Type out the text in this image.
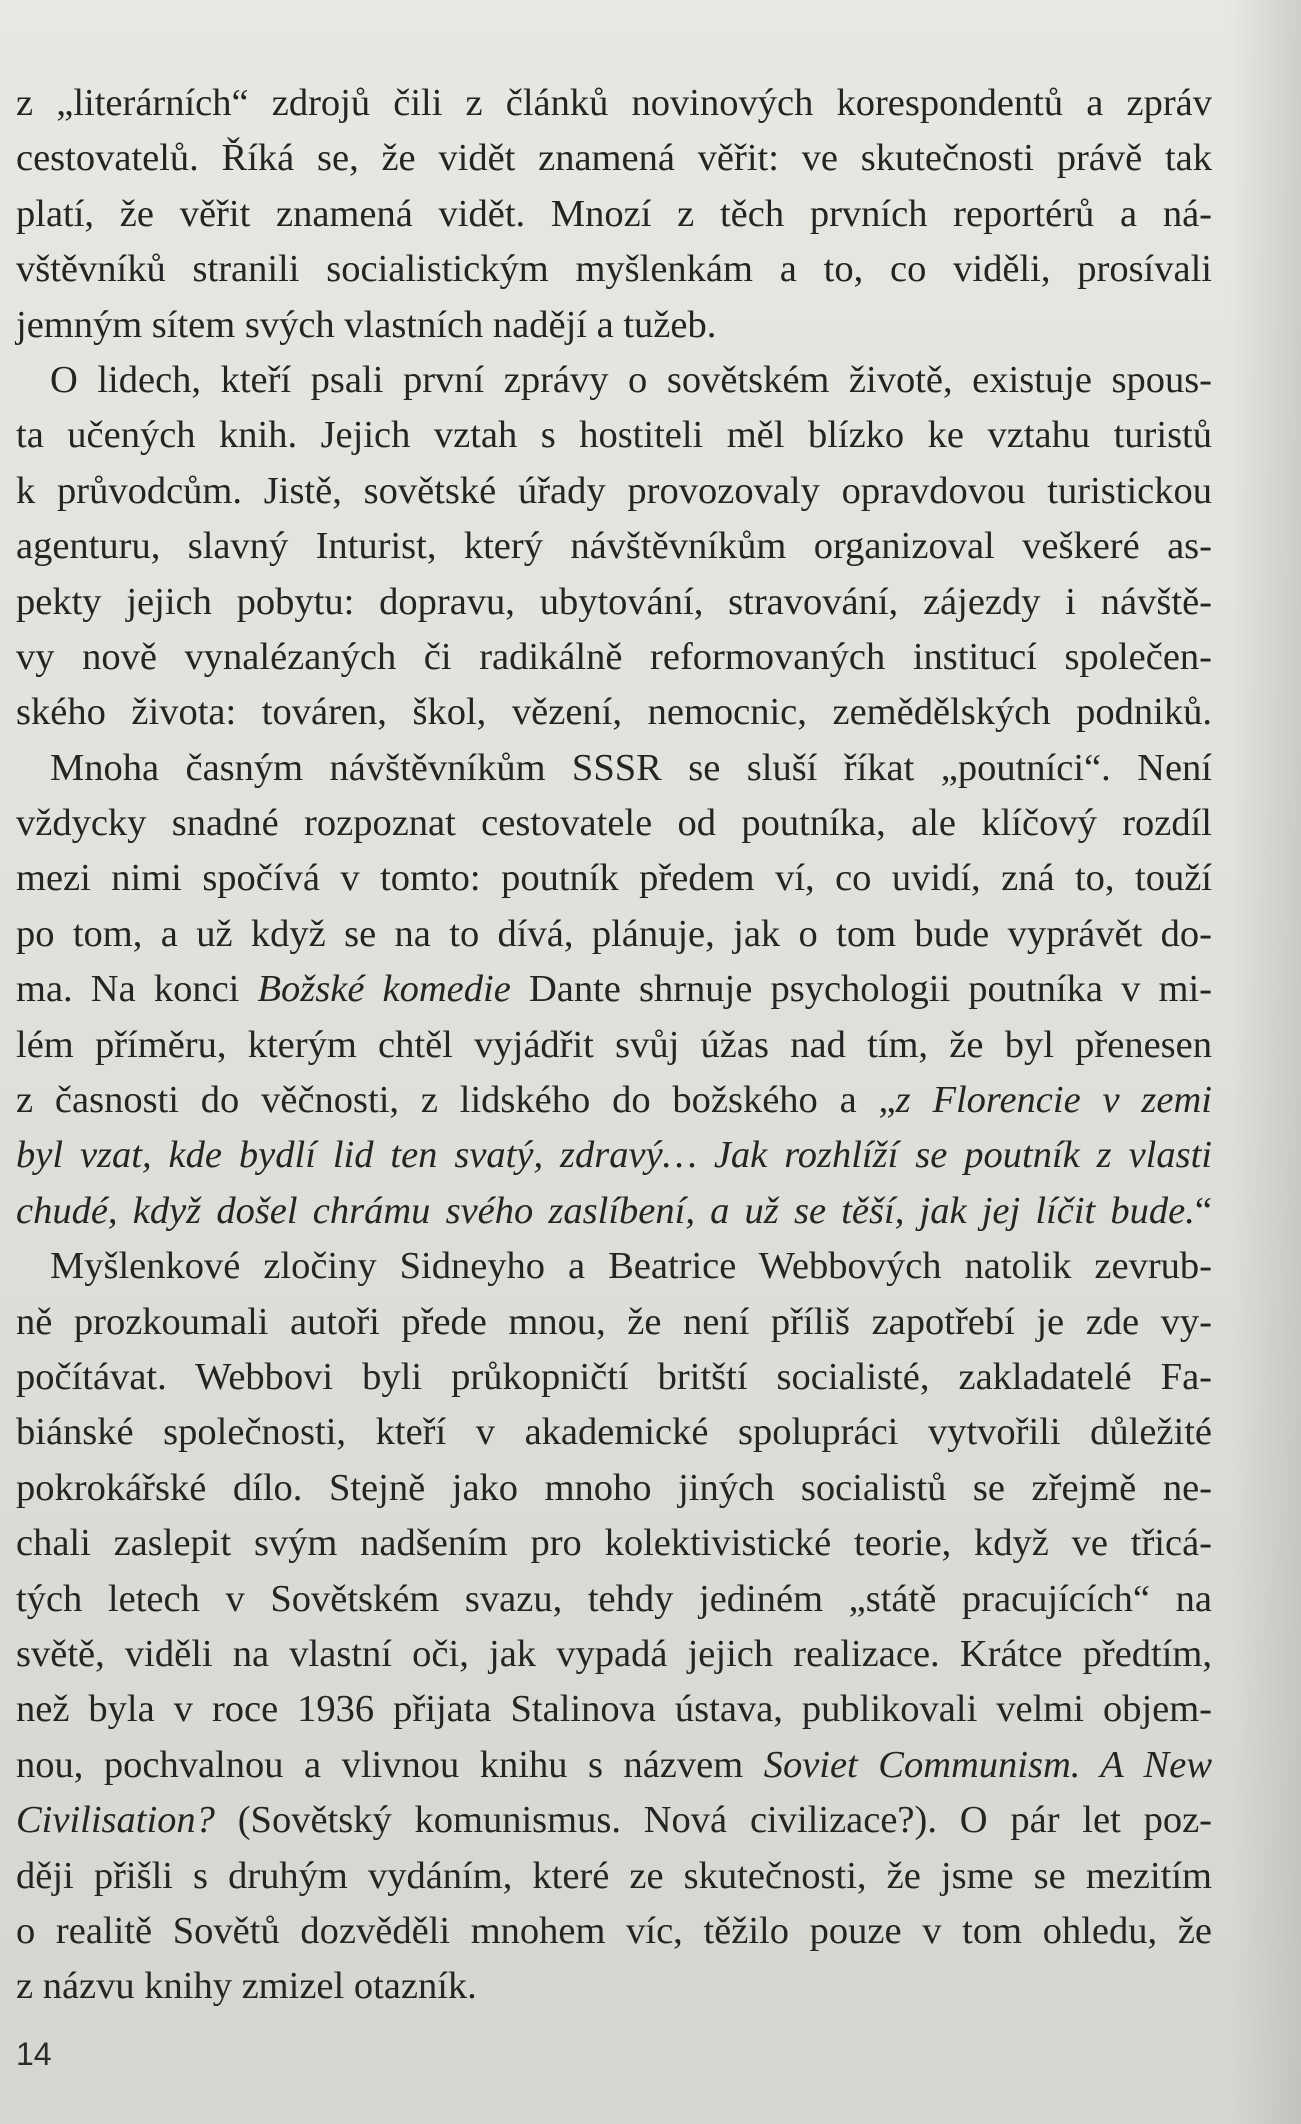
z „literárních“ zdrojů čili z článků novinových korespondentů a zpráv
cestovatelů. Říká se, že vidět znamená věřit: ve skutečnosti právě tak
platí, že věřit znamená vidět. Mnozí z těch prvních reportérů a ná-
vštěvníků stranili socialistickým myšlenkám a to, co viděli, prosívali
jemným sítem svých vlastních nadějí a tužeb.
O lidech, kteří psali první zprávy o sovětském životě, existuje spous-
ta učených knih. Jejich vztah s hostiteli měl blízko ke vztahu turistů
k průvodcům. Jistě, sovětské úřady provozovaly opravdovou turistickou
agenturu, slavný Inturist, který návštěvníkům organizoval veškeré as-
pekty jejich pobytu: dopravu, ubytování, stravování, zájezdy i návště-
vy nově vynalézaných či radikálně reformovaných institucí společen-
ského života: továren, škol, vězení, nemocnic, zemědělských podniků.
Mnoha časným návštěvníkům SSSR se sluší říkat „poutníci“. Není
vždycky snadné rozpoznat cestovatele od poutníka, ale klíčový rozdíl
mezi nimi spočívá v tomto: poutník předem ví, co uvidí, zná to, touží
po tom, a už když se na to dívá, plánuje, jak o tom bude vyprávět do-
ma. Na konci Božské komedie Dante shrnuje psychologii poutníka v mi-
lém příměru, kterým chtěl vyjádřit svůj úžas nad tím, že byl přenesen
z časnosti do věčnosti, z lidského do božského a „z Florencie v zemi
byl vzat, kde bydlí lid ten svatý, zdravý… Jak rozhlíží se poutník z vlasti
chudé, když došel chrámu svého zaslíbení, a už se těší, jak jej líčit bude.“
Myšlenkové zločiny Sidneyho a Beatrice Webbových natolik zevrub-
ně prozkoumali autoři přede mnou, že není příliš zapotřebí je zde vy-
počítávat. Webbovi byli průkopničtí britští socialisté, zakladatelé Fa-
biánské společnosti, kteří v akademické spolupráci vytvořili důležité
pokrokářské dílo. Stejně jako mnoho jiných socialistů se zřejmě ne-
chali zaslepit svým nadšením pro kolektivistické teorie, když ve třicá-
tých letech v Sovětském svazu, tehdy jediném „státě pracujících“ na
světě, viděli na vlastní oči, jak vypadá jejich realizace. Krátce předtím,
než byla v roce 1936 přijata Stalinova ústava, publikovali velmi objem-
nou, pochvalnou a vlivnou knihu s názvem Soviet Communism. A New
Civilisation? (Sovětský komunismus. Nová civilizace?). O pár let poz-
ději přišli s druhým vydáním, které ze skutečnosti, že jsme se mezitím
o realitě Sovětů dozvěděli mnohem víc, těžilo pouze v tom ohledu, že
z názvu knihy zmizel otazník.
14
